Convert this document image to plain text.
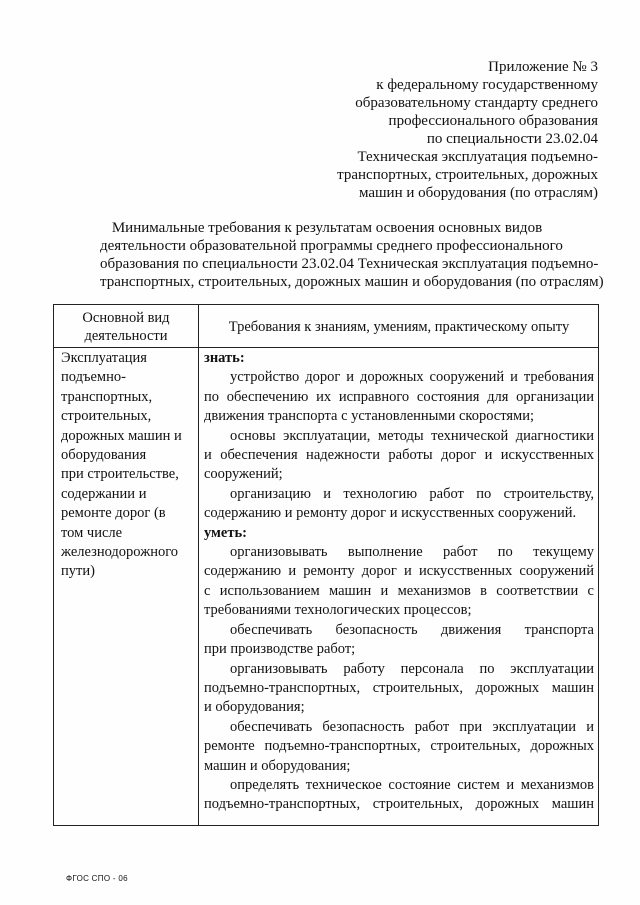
Приложение № 3
к федеральному государственному
образовательному стандарту среднего
профессионального образования
по специальности 23.02.04
Техническая эксплуатация подъемно-
транспортных, строительных, дорожных
машин и оборудования (по отраслям)
Минимальные требования к результатам освоения основных видов
деятельности образовательной программы среднего профессионального
образования по специальности 23.02.04 Техническая эксплуатация подъемно-
транспортных, строительных, дорожных машин и оборудования (по отраслям)
Основной вид
деятельности
Требования к знаниям, умениям, практическому опыту
Эксплуатация
подъемно-
транспортных,
строительных,
дорожных машин и
оборудования
при строительстве,
содержании и
ремонте дорог (в
том числе
железнодорожного
пути)
знать:
устройство дорог и дорожных сооружений и требования
по обеспечению их исправного состояния для организации
движения транспорта с установленными скоростями;
основы эксплуатации, методы технической диагностики
и обеспечения надежности работы дорог и искусственных
сооружений;
организацию и технологию работ по строительству,
содержанию и ремонту дорог и искусственных сооружений.
уметь:
организовывать выполнение работ по текущему
содержанию и ремонту дорог и искусственных сооружений
с использованием машин и механизмов в соответствии с
требованиями технологических процессов;
обеспечивать безопасность движения транспорта
при производстве работ;
организовывать работу персонала по эксплуатации
подъемно-транспортных, строительных, дорожных машин
и оборудования;
обеспечивать безопасность работ при эксплуатации и
ремонте подъемно-транспортных, строительных, дорожных
машин и оборудования;
определять техническое состояние систем и механизмов
подъемно-транспортных, строительных, дорожных машин
ФГОС СПО - 06
